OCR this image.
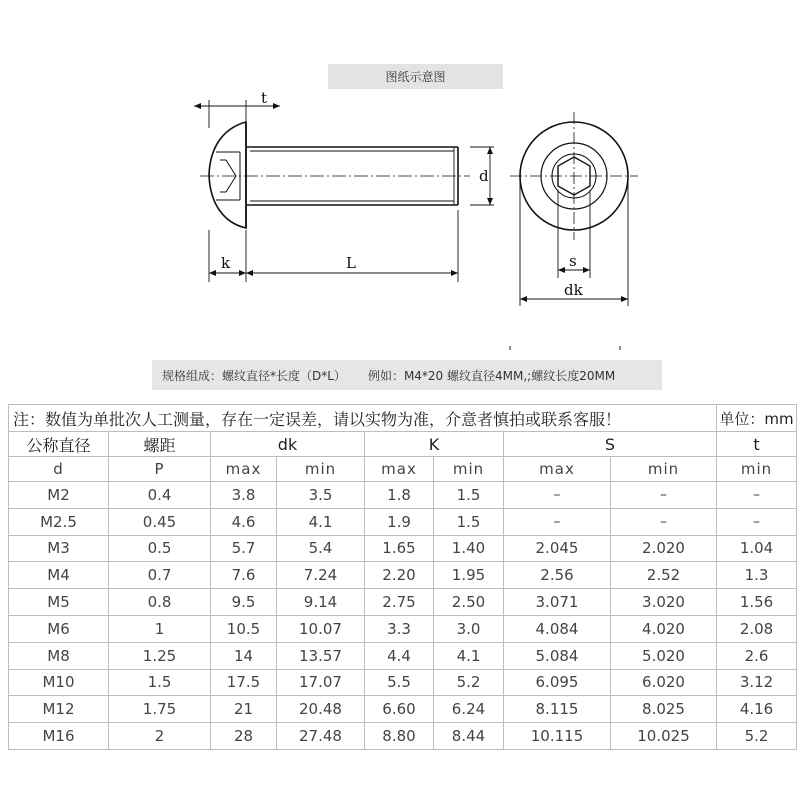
图纸示意图
t
d
k	L	s
dk
规格组成：螺纹直径*长度（D*L） 例如：M4*20 螺纹直径4MM,;螺纹长度20MM
注：数值为单批次人工测量，存在一定误差，请以实物为准，介意者慎拍或联系客服！								单位：mm
公称直径	螺距	dk		K		S		t
d	P	max	min	max	min	max	min	min
M2	0.4	3.8	3.5	1.8	1.5	–	–	–
M2.5	0.45	4.6	4.1	1.9	1.5	–	–	–
M3	0.5	5.7	5.4	1.65	1.40	2.045	2.020	1.04
M4	0.7	7.6	7.24	2.20	1.95	2.56	2.52	1.3
M5	0.8	9.5	9.14	2.75	2.50	3.071	3.020	1.56
M6	1	10.5	10.07	3.3	3.0	4.084	4.020	2.08
M8	1.25	14	13.57	4.4	4.1	5.084	5.020	2.6
M10	1.5	17.5	17.07	5.5	5.2	6.095	6.020	3.12
M12	1.75	21	20.48	6.60	6.24	8.115	8.025	4.16
M16	2	28	27.48	8.80	8.44	10.115	10.025	5.2
